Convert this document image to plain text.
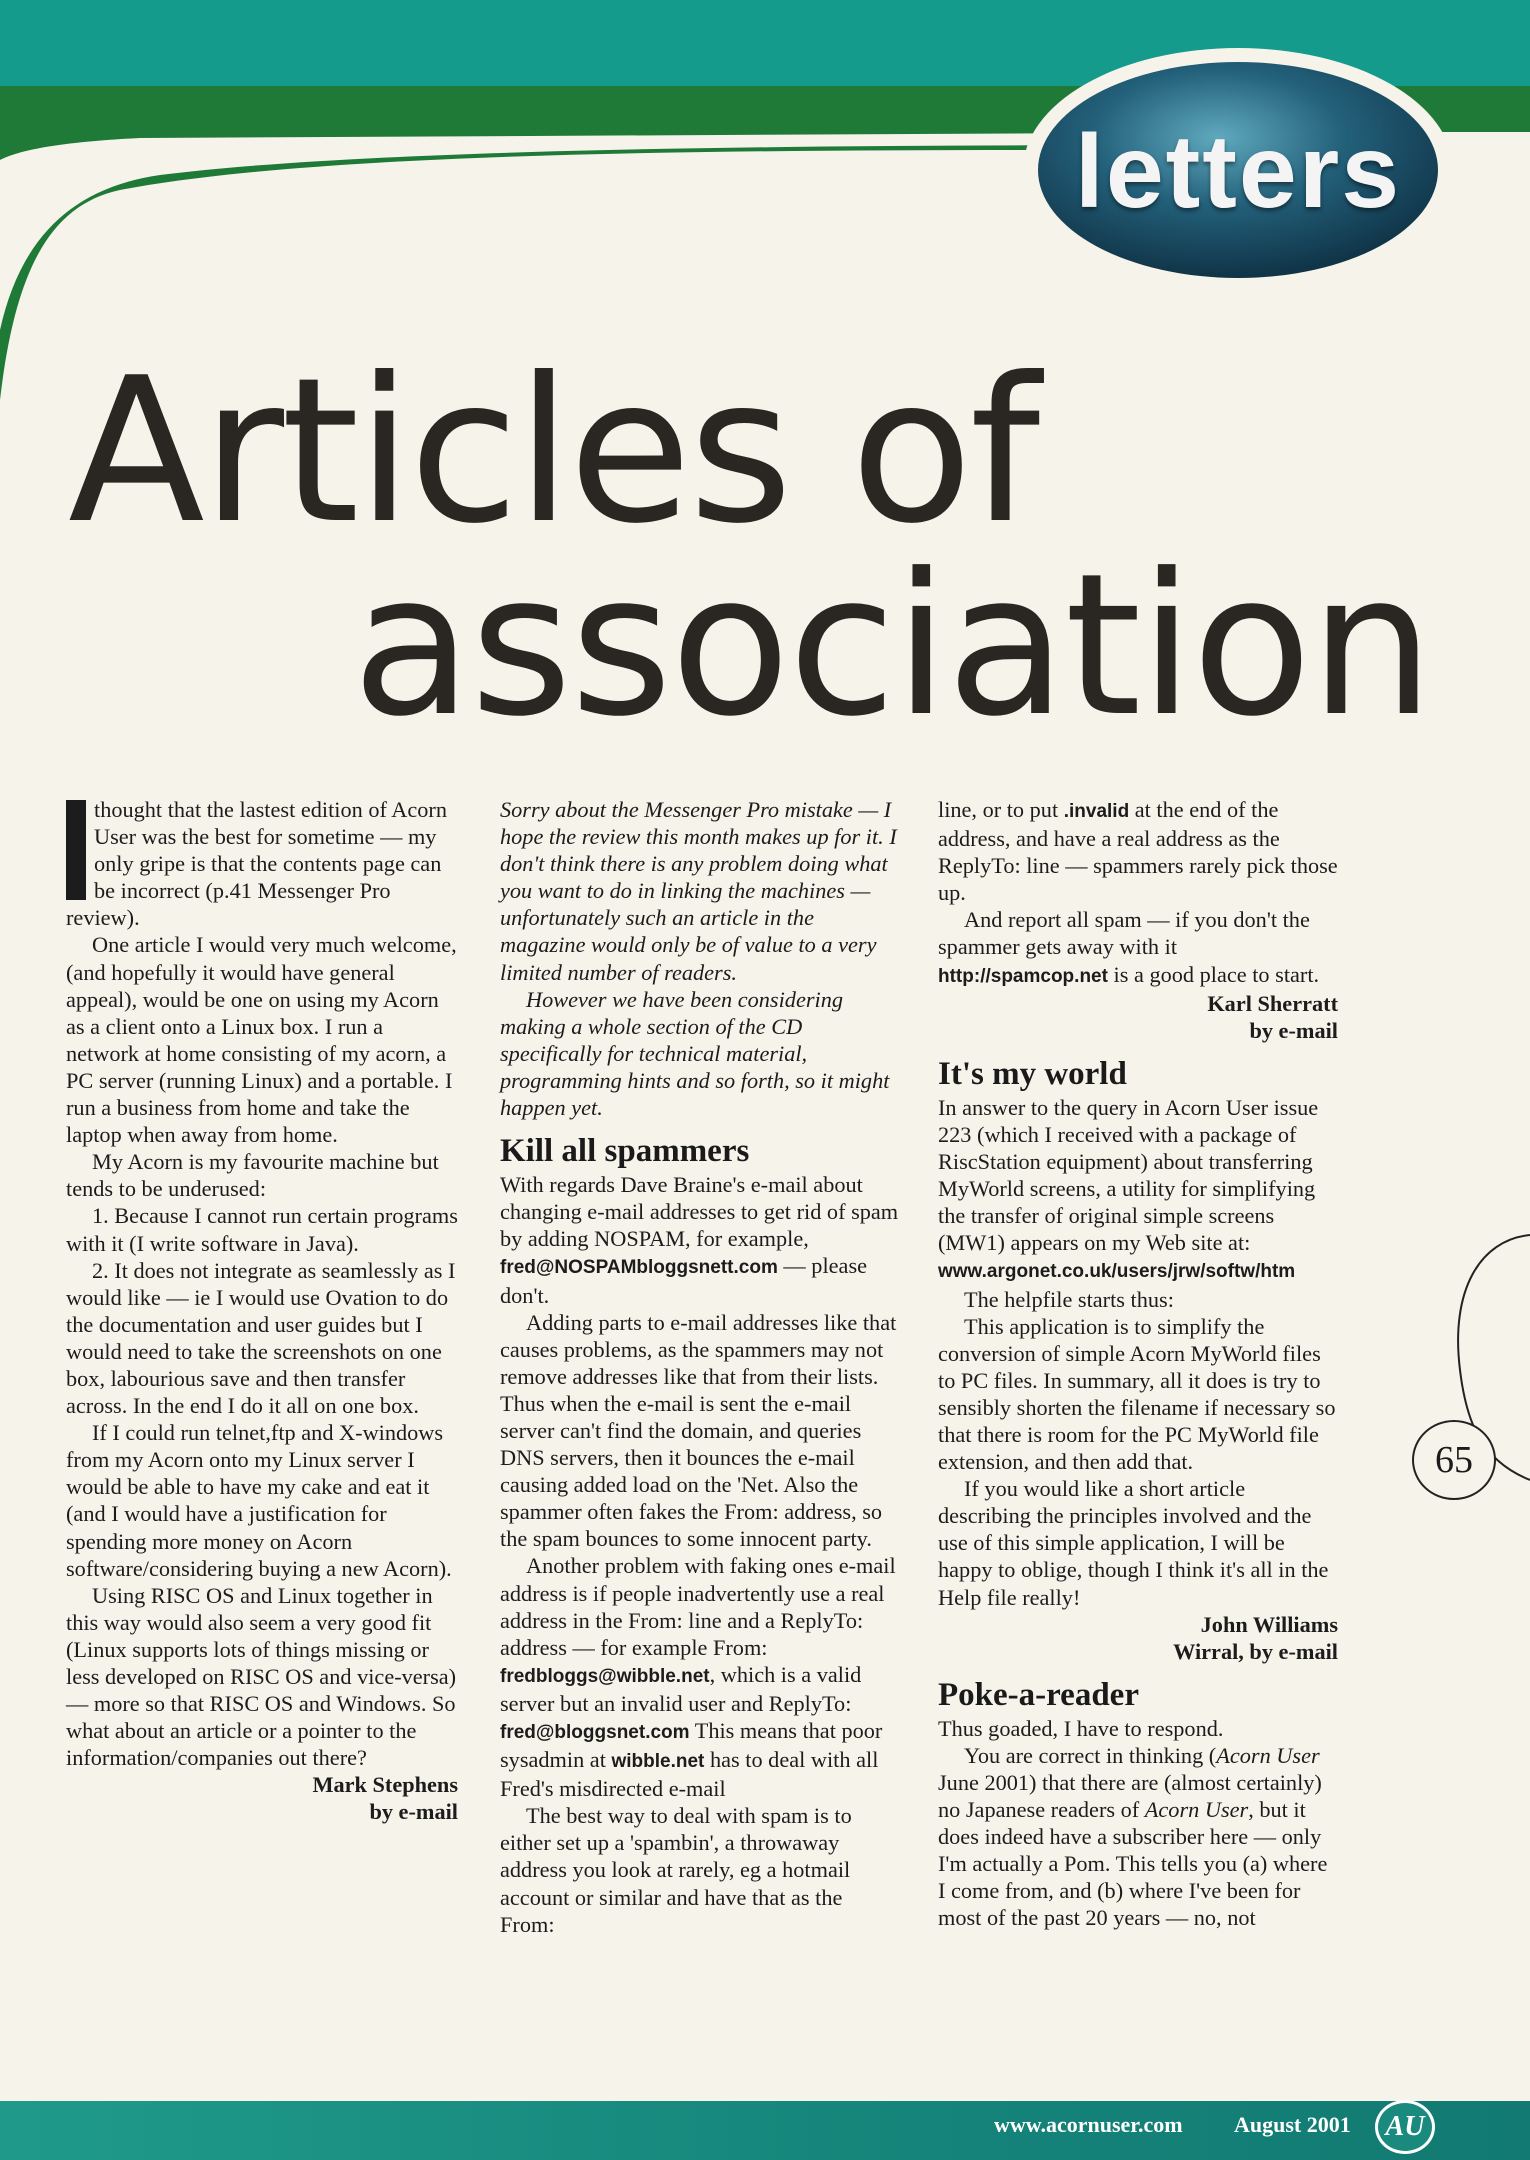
letters
Articles of
association

thought that the lastest edition of Acorn User was the best for sometime — my only gripe is that the contents page can be incorrect (p.41 Messenger Pro review).

One article I would very much welcome, (and hopefully it would have general appeal), would be one on using my Acorn as a client onto a Linux box. I run a network at home consisting of my acorn, a PC server (running Linux) and a portable. I run a business from home and take the laptop when away from home.

My Acorn is my favourite machine but tends to be underused:

1. Because I cannot run certain programs with it (I write software in Java).

2. It does not integrate as seamlessly as I would like — ie I would use Ovation to do the documentation and user guides but I would need to take the screenshots on one box, labourious save and then transfer across. In the end I do it all on one box.

If I could run telnet,ftp and X-windows from my Acorn onto my Linux server I would be able to have my cake and eat it (and I would have a justification for spending more money on Acorn software/considering buying a new Acorn).

Using RISC OS and Linux together in this way would also seem a very good fit (Linux supports lots of things missing or less developed on RISC OS and vice-versa) — more so that RISC OS and Windows. So what about an article or a pointer to the information/companies out there?

Mark Stephens
by e-mail

Sorry about the Messenger Pro mistake — I hope the review this month makes up for it. I don't think there is any problem doing what you want to do in linking the machines — unfortunately such an article in the magazine would only be of value to a very limited number of readers.

However we have been considering making a whole section of the CD specifically for technical material, programming hints and so forth, so it might happen yet.

Kill all spammers

With regards Dave Braine's e-mail about changing e-mail addresses to get rid of spam by adding NOSPAM, for example, fred@NOSPAMbloggsnett.com — please don't.

Adding parts to e-mail addresses like that causes problems, as the spammers may not remove addresses like that from their lists. Thus when the e-mail is sent the e-mail server can't find the domain, and queries DNS servers, then it bounces the e-mail causing added load on the 'Net. Also the spammer often fakes the From: address, so the spam bounces to some innocent party.

Another problem with faking ones e-mail address is if people inadvertently use a real address in the From: line and a ReplyTo: address — for example From: fredbloggs@wibble.net, which is a valid server but an invalid user and ReplyTo: fred@bloggsnet.com This means that poor sysadmin at wibble.net has to deal with all Fred's misdirected e-mail

The best way to deal with spam is to either set up a 'spambin', a throwaway address you look at rarely, eg a hotmail account or similar and have that as the From:

line, or to put .invalid at the end of the address, and have a real address as the ReplyTo: line — spammers rarely pick those up.

And report all spam — if you don't the spammer gets away with it http://spamcop.net is a good place to start.

Karl Sherratt
by e-mail
It's my world

In answer to the query in Acorn User issue 223 (which I received with a package of RiscStation equipment) about transferring MyWorld screens, a utility for simplifying the transfer of original simple screens (MW1) appears on my Web site at:
www.argonet.co.uk/users/jrw/softw/htm

The helpfile starts thus:

This application is to simplify the conversion of simple Acorn MyWorld files to PC files. In summary, all it does is try to sensibly shorten the filename if necessary so that there is room for the PC MyWorld file extension, and then add that.

If you would like a short article describing the principles involved and the use of this simple application, I will be happy to oblige, though I think it's all in the Help file really!

John Williams
Wirral, by e-mail
Poke-a-reader

Thus goaded, I have to respond.

You are correct in thinking (Acorn User June 2001) that there are (almost certainly) no Japanese readers of Acorn User, but it does indeed have a subscriber here — only I'm actually a Pom. This tells you (a) where I come from, and (b) where I've been for most of the past 20 years — no, not

65
www.acornuser.com August 2001	AU
